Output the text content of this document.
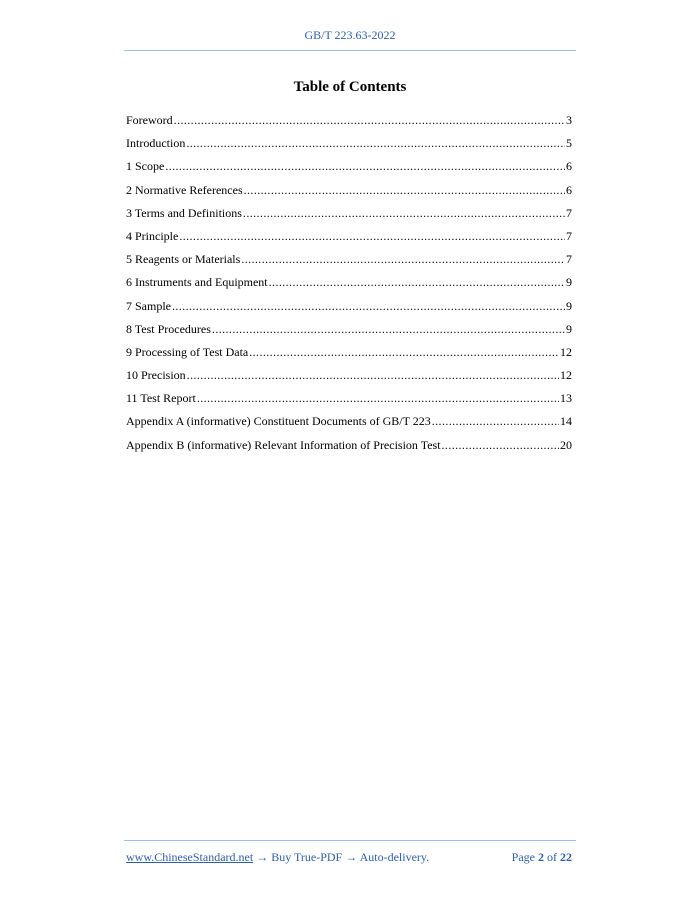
GB/T 223.63-2022
Table of Contents
Foreword .....	3
Introduction .....	5
1 Scope .....	6
2 Normative References .....	6
3 Terms and Definitions .....	7
4 Principle .....	7
5 Reagents or Materials .....	7
6 Instruments and Equipment .....	9
7 Sample .....	9
8 Test Procedures .....	9
9 Processing of Test Data .....	12
10 Precision .....	12
11 Test Report .....	13
Appendix A (informative) Constituent Documents of GB/T 223 .....	14
Appendix B (informative) Relevant Information of Precision Test .....	20
www.ChineseStandard.net → Buy True-PDF → Auto-delivery.	Page 2 of 22
